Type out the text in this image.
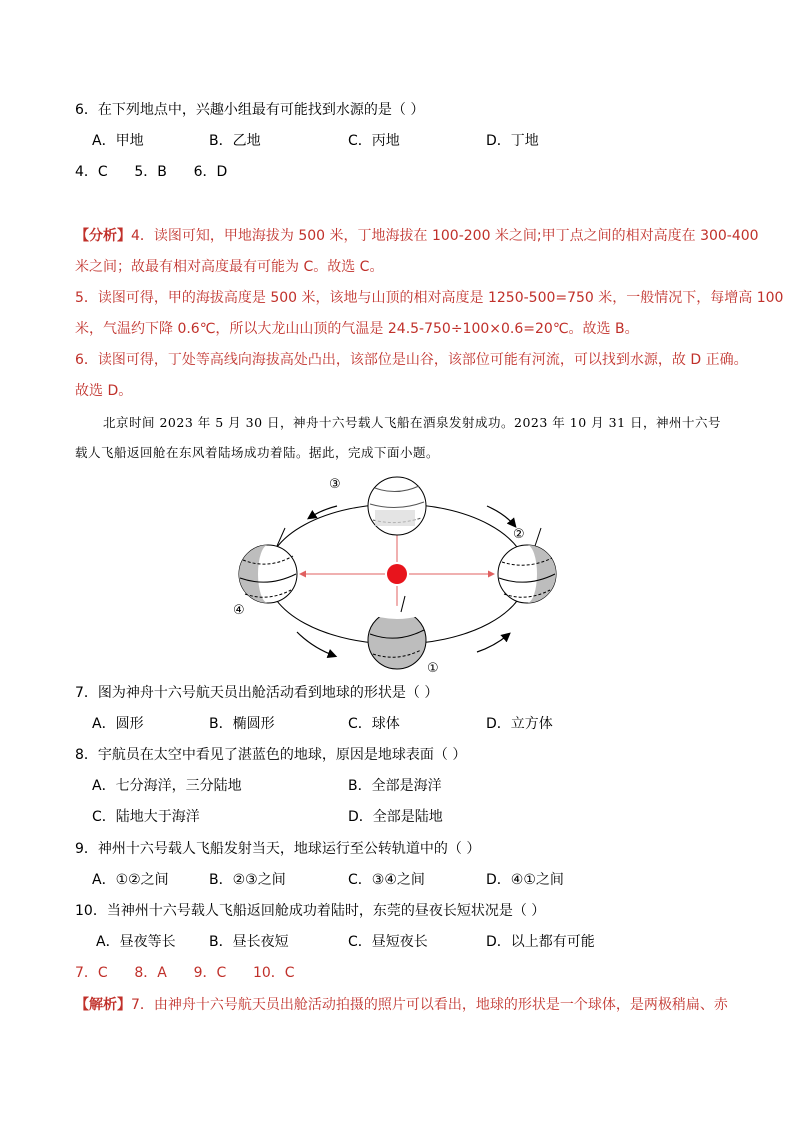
6．在下列地点中，兴趣小组最有可能找到水源的是（ ）
A．甲地	B．乙地	C．丙地	D．丁地
4．C      5．B      6．D
【分析】4．读图可知，甲地海拔为 500 米，丁地海拔在 100-200 米之间;甲丁点之间的相对高度在 300-400
米之间；故最有相对高度最有可能为 C。故选 C。
5．读图可得，甲的海拔高度是 500 米，该地与山顶的相对高度是 1250-500=750 米，一般情况下，每增高 100
米，气温约下降 0.6℃，所以大龙山山顶的气温是 24.5-750÷100×0.6=20℃。故选 B。
6．读图可得，丁处等高线向海拔高处凸出，该部位是山谷，该部位可能有河流，可以找到水源，故 D 正确。
故选 D。
北京时间 2023 年 5 月 30 日，神舟十六号载人飞船在酒泉发射成功。2023 年 10 月 31 日，神州十六号
载人飞船返回舱在东风着陆场成功着陆。据此，完成下面小题。
④
②
③
①
7．图为神舟十六号航天员出舱活动看到地球的形状是（ ）
A．圆形	B．椭圆形	C．球体	D．立方体
8．宇航员在太空中看见了湛蓝色的地球，原因是地球表面（ ）
A．七分海洋，三分陆地	B．全部是海洋
C．陆地大于海洋	D．全部是陆地
9．神州十六号载人飞船发射当天，地球运行至公转轨道中的（ ）
A．①②之间	B．②③之间	C．③④之间	D．④①之间
10．当神州十六号载人飞船返回舱成功着陆时，东莞的昼夜长短状况是（ ）
A．昼夜等长 B．昼长夜短	C．昼短夜长	D．以上都有可能
7．C      8．A      9．C      10．C
【解析】7．由神舟十六号航天员出舱活动拍摄的照片可以看出，地球的形状是一个球体，是两极稍扁、赤
